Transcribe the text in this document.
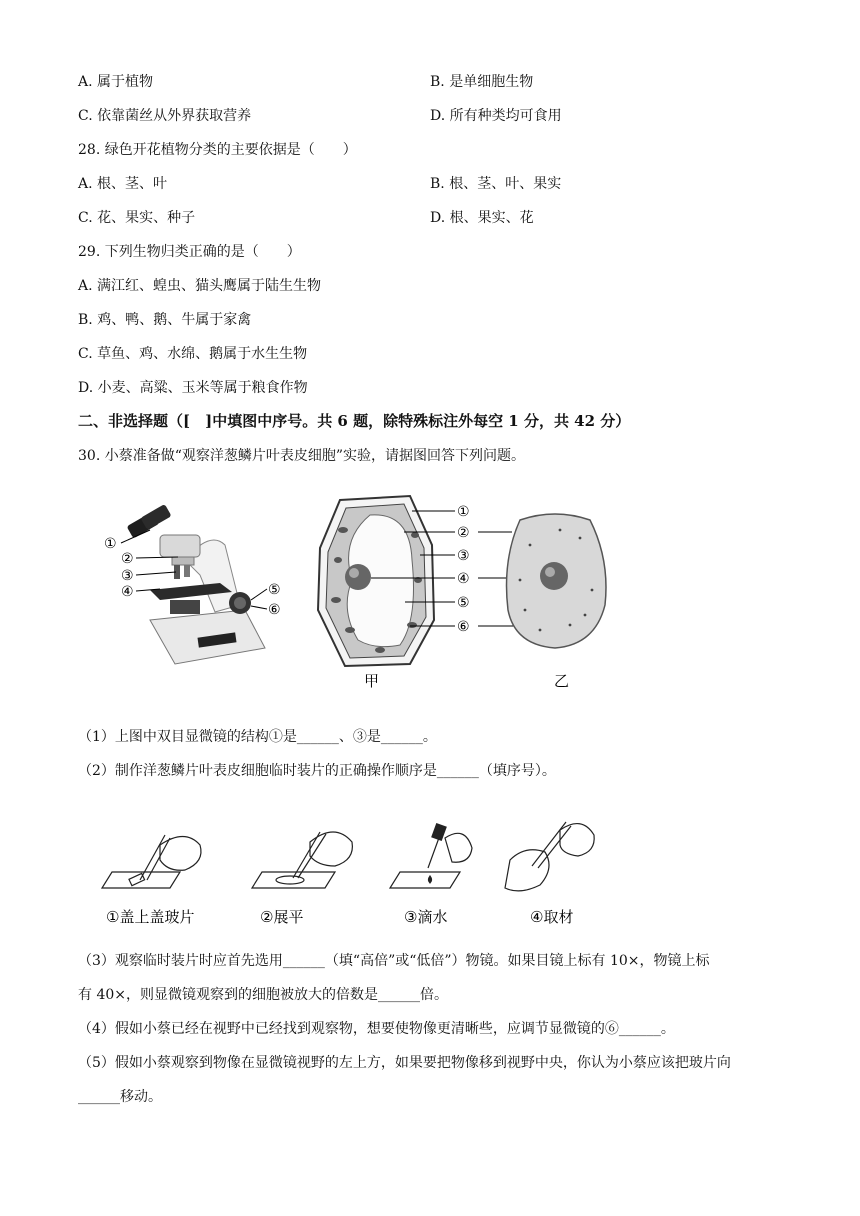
A. 属于植物	B. 是单细胞生物
C. 依靠菌丝从外界获取营养	D. 所有种类均可食用
28. 绿色开花植物分类的主要依据是（　　）
A. 根、茎、叶	B. 根、茎、叶、果实
C. 花、果实、种子	D. 根、果实、花
29. 下列生物归类正确的是（　　）
A. 满江红、蝗虫、猫头鹰属于陆生生物
B. 鸡、鸭、鹅、牛属于家禽
C. 草鱼、鸡、水绵、鹅属于水生生物
D. 小麦、高粱、玉米等属于粮食作物
二、非选择题（[　]中填图中序号。共 6 题，除特殊标注外每空 1 分，共 42 分）
30. 小蔡准备做“观察洋葱鳞片叶表皮细胞”实验，请据图回答下列问题。
①
②
③
④	⑤
⑥
①
②
③
④
⑤
⑥
甲	乙
（1）上图中双目显微镜的结构①是______、③是______。
（2）制作洋葱鳞片叶表皮细胞临时装片的正确操作顺序是______（填序号）。
①盖上盖玻片	②展平	③滴水	④取材
（3）观察临时装片时应首先选用______（填“高倍”或“低倍”）物镜。如果目镜上标有 10×，物镜上标
有 40×，则显微镜观察到的细胞被放大的倍数是______倍。
（4）假如小蔡已经在视野中已经找到观察物，想要使物像更清晰些，应调节显微镜的⑥______。
（5）假如小蔡观察到物像在显微镜视野的左上方，如果要把物像移到视野中央，你认为小蔡应该把玻片向
______移动。
